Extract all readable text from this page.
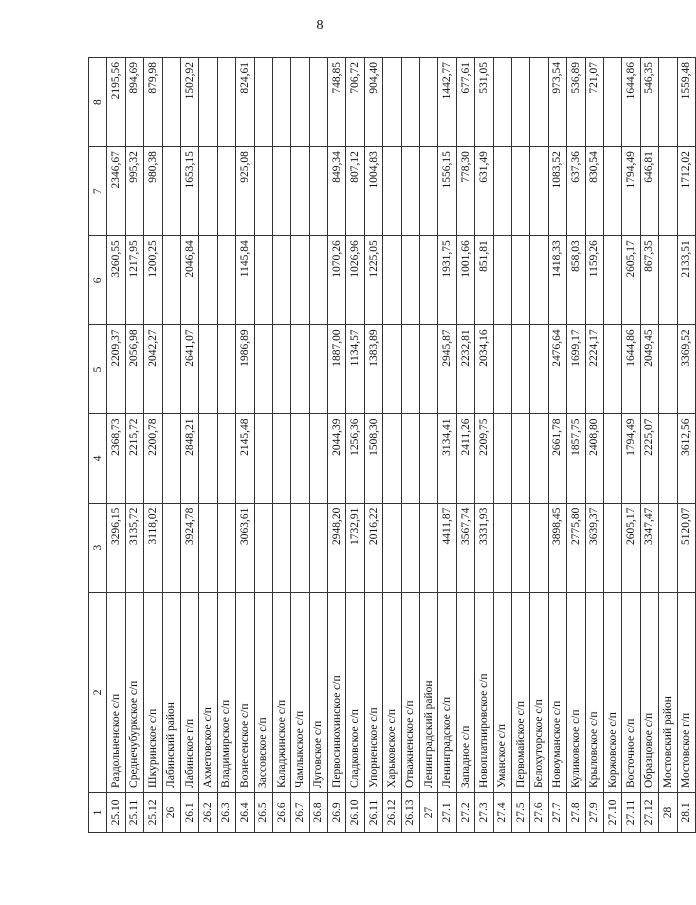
8
1	2	3	4	5	6	7	8
25.10	Раздольненское с/п	3296,15	2368,73	2209,37	3260,55	2346,67	2195,56
25.11	Среднечубуркское с/п	3135,72	2215,72	2056,98	1217,95	995,32	894,69
25.12	Шкуринское с/п	3118,02	2200,78	2042,27	1200,25	980,38	879,98
26	Лабинский район						
26.1	Лабинское г/п	3924,78	2848,21	2641,07	2046,84	1653,15	1502,92
26.2	Ахметовское с/п						
26.3	Владимирское с/п						
26.4	Вознесенское с/п	3063,61	2145,48	1986,89	1145,84	925,08	824,61
26.5	Зассовское с/п						
26.6	Каладжинское с/п						
26.7	Чамлыкское с/п						
26.8	Луговское с/п						
26.9	Первосинюхинское с/п	2948,20	2044,39	1887,00	1070,26	849,34	748,85
26.10	Сладковское с/п	1732,91	1256,36	1134,57	1026,96	807,12	706,72
26.11	Упорненское с/п	2016,22	1508,30	1383,89	1225,05	1004,83	904,40
26.12	Харьковское с/п						
26.13	Отважненское с/п						
27	Ленинградский район						
27.1	Ленинградское с/п	4411,87	3134,41	2945,87	1931,75	1556,15	1442,77
27.2	Западное с/п	3567,74	2411,26	2232,81	1001,66	778,30	677,61
27.3	Новоплатнировское с/п	3331,93	2209,75	2034,16	851,81	631,49	531,05
27.4	Уманское с/п						
27.5	Первомайское с/п						
27.6	Белохуторское с/п						
27.7	Новоуманское с/п	3898,45	2661,78	2476,64	1418,33	1083,52	973,54
27.8	Куликовское с/п	2775,80	1857,75	1699,17	858,03	637,36	536,89
27.9	Крыловское с/п	3639,37	2408,80	2224,17	1159,26	830,54	721,07
27.10	Коржовское с/п						
27.11	Восточное с/п	2605,17	1794,49	1644,86	2605,17	1794,49	1644,86
27.12	Образцовое с/п	3347,47	2225,07	2049,45	867,35	646,81	546,35
28	Мостовский район						
28.1	Мостовское г/п	5120,07	3612,56	3369,52	2133,51	1712,02	1559,48
